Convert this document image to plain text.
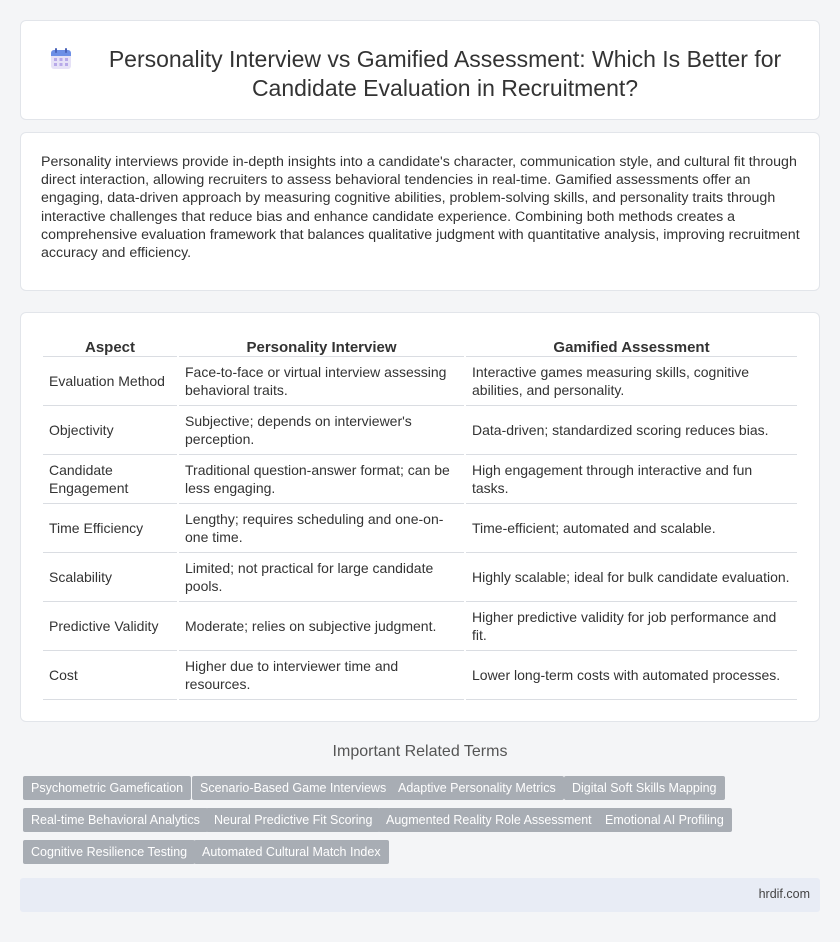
Personality Interview vs Gamified Assessment: Which Is Better for Candidate Evaluation in Recruitment?

Personality interviews provide in-depth insights into a candidate's character, communication style, and cultural fit through direct interaction, allowing recruiters to assess behavioral tendencies in real-time. Gamified assessments offer an engaging, data-driven approach by measuring cognitive abilities, problem-solving skills, and personality traits through interactive challenges that reduce bias and enhance candidate experience. Combining both methods creates a comprehensive evaluation framework that balances qualitative judgment with quantitative analysis, improving recruitment accuracy and efficiency.

Aspect	Personality Interview	Gamified Assessment
Evaluation Method	Face-to-face or virtual interview assessing behavioral traits.	Interactive games measuring skills, cognitive abilities, and personality.
Objectivity	Subjective; depends on interviewer's perception.	Data-driven; standardized scoring reduces bias.
Candidate Engagement	Traditional question-answer format; can be less engaging.	High engagement through interactive and fun tasks.
Time Efficiency	Lengthy; requires scheduling and one-on-one time.	Time-efficient; automated and scalable.
Scalability	Limited; not practical for large candidate pools.	Highly scalable; ideal for bulk candidate evaluation.
Predictive Validity	Moderate; relies on subjective judgment.	Higher predictive validity for job performance and fit.
Cost	Higher due to interviewer time and resources.	Lower long-term costs with automated processes.
Important Related Terms
Psychometric Gamefication	Scenario-Based Game Interviews Adaptive Personality Metrics	Digital Soft Skills Mapping
Real-time Behavioral Analytics	Neural Predictive Fit Scoring	Augmented Reality Role Assessment	Emotional AI Profiling
Cognitive Resilience Testing	Automated Cultural Match Index
hrdif.com
